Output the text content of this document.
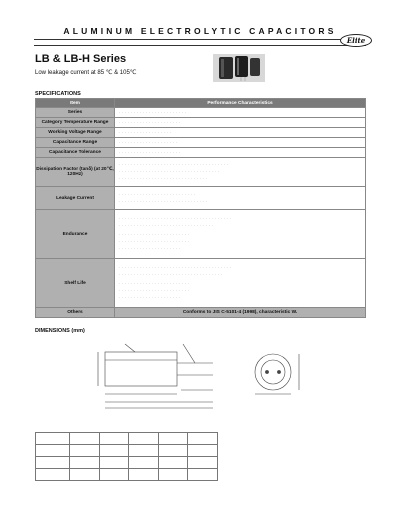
ALUMINUM ELECTROLYTIC CAPACITORS
Elite
LB & LB-H Series
Low leakage current at 85 ℃ & 105℃
SPECIFICATIONS
Item	Performance Characteristics
Series	· · · · · · · · · · · · · · · · · · · · · · ·

Category Temperature Range	· · · · · · · · · · · · · · · · · · · · ·

Working Voltage Range	· · · · · · · · · · · · · · · · · ·

Capacitance Range	· · · · · · · · · · · · · · · · · · · ·

Capacitance Tolerance	· · · · · · · · · · · · · · · · · · · · ·

Dissipation Factor (tanδ) (at 20℃, 120Hz)	· · · · · · · · · · · · · · · · · · · · · · · · · · · · · · · · · · · · ·
· · · · · · · · · · · · · · · · · · · · · · · · · · · · · · · · · ·
· · · · · · · · · · · · · · · · · · · · · · · · · · · · · ·

Leakage Current	· · · · · · · · · · · · · · · · · · · · · · · · · ·
· · · · · · · · · · · · · · · · · · · · · · · · · · · · · ·

Endurance	· · · · · · · · · · · · · · · · · · · · · · · · · · · · · · · · · · · · · ·
· · · · · · · · · · · · · · · · · · · · · · · · · · · · · · · ·
· · · · · · · · · · · · · · · · · · · · · · · ·
· · · · · · · · · · · · · · · · · · · · · · · ·
· · · · · · · · · · · · · · · · · · · · ·

Shelf Life	· · · · · · · · · · · · · · · · · · · · · · · · · · · · · · · · · · · · · ·
· · · · · · · · · · · · · · · · · · · · · · · · · · · · · · · · · · ·
· · · · · · · · · · · · · · · · · · · · · · · ·
· · · · · · · · · · · · · · · · · · · · · · · ·
· · · · · · · · · · · · · · · · · · · · ·

Others	Conforms to JIS C-5101-4 (1998), characteristic W.
DIMENSIONS (mm)
